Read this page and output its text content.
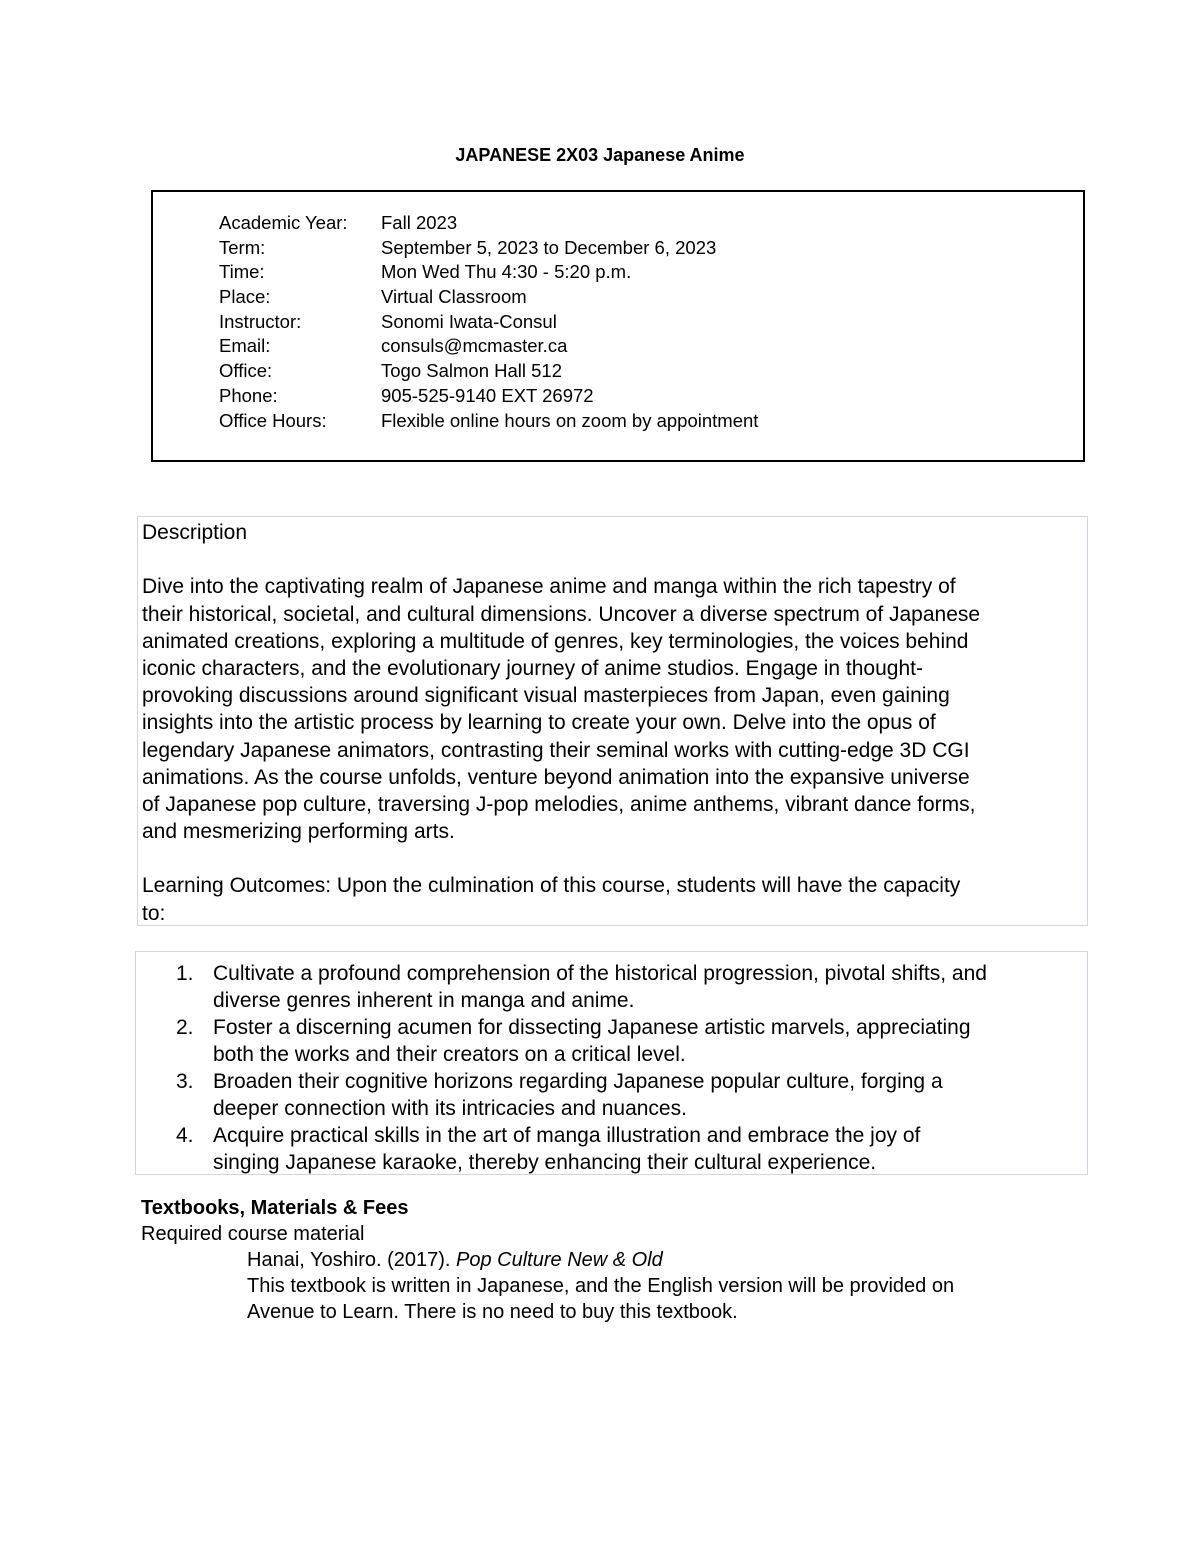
JAPANESE 2X03 Japanese Anime
Academic Year:	Fall 2023
Term:	September 5, 2023 to December 6, 2023
Time:	Mon Wed Thu 4:30 - 5:20 p.m.
Place:	Virtual Classroom
Instructor:	Sonomi Iwata-Consul
Email:	consuls@mcmaster.ca
Office:	Togo Salmon Hall 512
Phone:	905-525-9140 EXT 26972
Office Hours:	Flexible online hours on zoom by appointment
Description
Dive into the captivating realm of Japanese anime and manga within the rich tapestry of
their historical, societal, and cultural dimensions. Uncover a diverse spectrum of Japanese
animated creations, exploring a multitude of genres, key terminologies, the voices behind
iconic characters, and the evolutionary journey of anime studios. Engage in thought-
provoking discussions around significant visual masterpieces from Japan, even gaining
insights into the artistic process by learning to create your own. Delve into the opus of
legendary Japanese animators, contrasting their seminal works with cutting-edge 3D CGI
animations. As the course unfolds, venture beyond animation into the expansive universe
of Japanese pop culture, traversing J-pop melodies, anime anthems, vibrant dance forms,
and mesmerizing performing arts.
Learning Outcomes: Upon the culmination of this course, students will have the capacity
to:
1. Cultivate a profound comprehension of the historical progression, pivotal shifts, and
diverse genres inherent in manga and anime.
2. Foster a discerning acumen for dissecting Japanese artistic marvels, appreciating
both the works and their creators on a critical level.
3. Broaden their cognitive horizons regarding Japanese popular culture, forging a
deeper connection with its intricacies and nuances.
4. Acquire practical skills in the art of manga illustration and embrace the joy of
singing Japanese karaoke, thereby enhancing their cultural experience.
Textbooks, Materials & Fees
Required course material
Hanai, Yoshiro. (2017). Pop Culture New & Old
This textbook is written in Japanese, and the English version will be provided on
Avenue to Learn. There is no need to buy this textbook.
